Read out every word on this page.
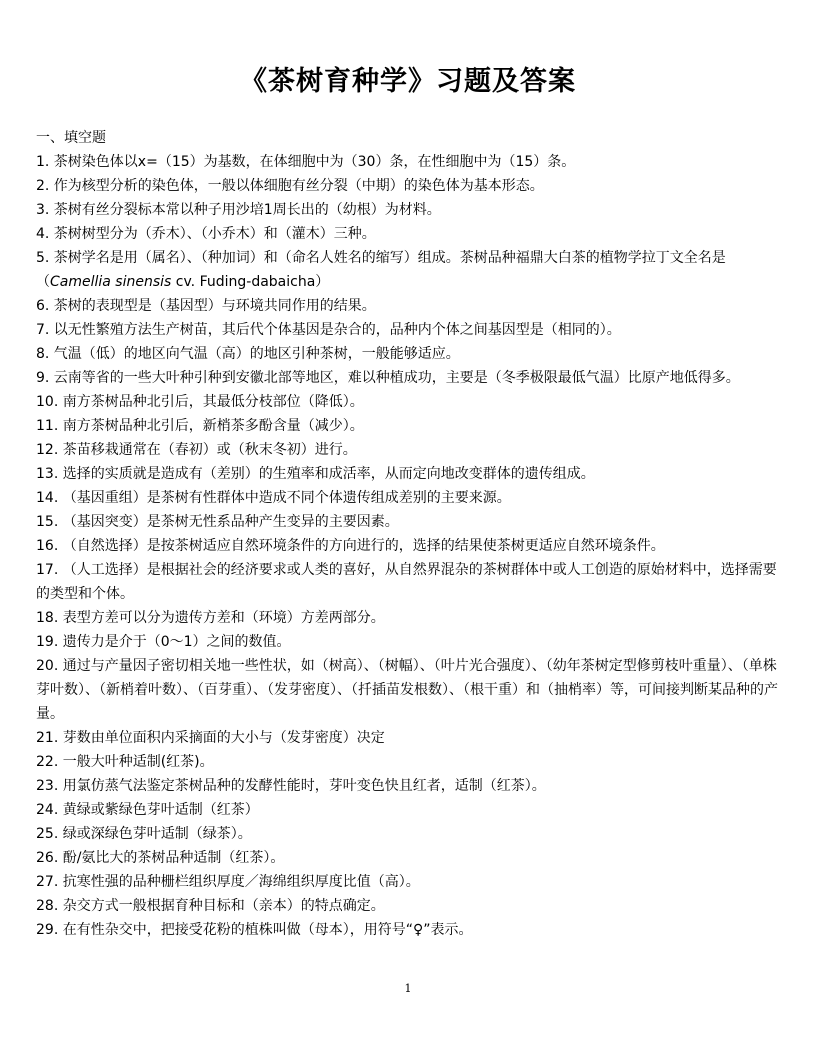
《茶树育种学》习题及答案
一、填空题
1. 茶树染色体以x=（15）为基数，在体细胞中为（30）条，在性细胞中为（15）条。
2. 作为核型分析的染色体，一般以体细胞有丝分裂（中期）的染色体为基本形态。
3. 茶树有丝分裂标本常以种子用沙培1周长出的（幼根）为材料。
4. 茶树树型分为（乔木）、（小乔木）和（灌木）三种。
5. 茶树学名是用（属名）、（种加词）和（命名人姓名的缩写）组成。茶树品种福鼎大白茶的植物学拉丁文全名是（Camellia sinensis cv. Fuding-dabaicha）
6. 茶树的表现型是（基因型）与环境共同作用的结果。
7. 以无性繁殖方法生产树苗，其后代个体基因是杂合的，品种内个体之间基因型是（相同的）。
8. 气温（低）的地区向气温（高）的地区引种茶树，一般能够适应。
9. 云南等省的一些大叶种引种到安徽北部等地区，难以种植成功，主要是（冬季极限最低气温）比原产地低得多。
10. 南方茶树品种北引后，其最低分枝部位（降低）。
11. 南方茶树品种北引后，新梢茶多酚含量（减少）。
12. 茶苗移栽通常在（春初）或（秋末冬初）进行。
13. 选择的实质就是造成有（差别）的生殖率和成活率，从而定向地改变群体的遗传组成。
14. （基因重组）是茶树有性群体中造成不同个体遗传组成差别的主要来源。
15. （基因突变）是茶树无性系品种产生变异的主要因素。
16. （自然选择）是按茶树适应自然环境条件的方向进行的，选择的结果使茶树更适应自然环境条件。
17. （人工选择）是根据社会的经济要求或人类的喜好，从自然界混杂的茶树群体中或人工创造的原始材料中，选择需要的类型和个体。
18. 表型方差可以分为遗传方差和（环境）方差两部分。
19. 遗传力是介于（0～1）之间的数值。
20. 通过与产量因子密切相关地一些性状，如（树高）、（树幅）、（叶片光合强度）、（幼年茶树定型修剪枝叶重量）、（单株芽叶数）、（新梢着叶数）、（百芽重）、（发芽密度）、（扦插苗发根数）、（根干重）和（抽梢率）等，可间接判断某品种的产量。
21. 芽数由单位面积内采摘面的大小与（发芽密度）决定
22. 一般大叶种适制(红茶)。
23. 用氯仿蒸气法鉴定茶树品种的发酵性能时，芽叶变色快且红者，适制（红茶）。
24. 黄绿或紫绿色芽叶适制（红茶）
25. 绿或深绿色芽叶适制（绿茶）。
26. 酚/氨比大的茶树品种适制（红茶）。
27. 抗寒性强的品种栅栏组织厚度／海绵组织厚度比值（高）。
28. 杂交方式一般根据育种目标和（亲本）的特点确定。
29. 在有性杂交中，把接受花粉的植株叫做（母本），用符号“♀”表示。
1
